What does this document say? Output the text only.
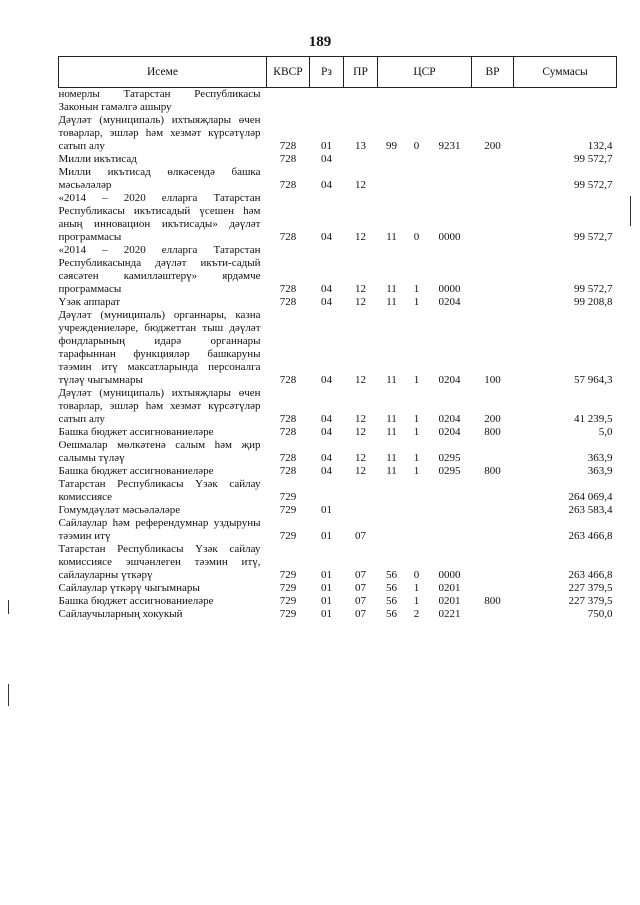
189
Исеме	КВСР	Рз	ПР	ЦСР			ВР	Суммасы
номерлы Татарстан Республикасы Законын гамәлгә ашыру								
Дәүләт (муниципаль) ихтыяҗлары өчен товарлар, эшләр һәм хезмәт күрсәтүләр сатып алу	728	01	13	99	0	9231	200	132,4
Милли икътисад	728	04						99 572,7
Милли икътисад өлкәсендә башка мәсьәләләр	728	04	12					99 572,7
«2014 – 2020 елларга Татарстан Республикасы икътисадый үсешен һәм аның инновацион икътисады» дәүләт программасы	728	04	12	11	0	0000		99 572,7
«2014 – 2020 елларга Татарстан Республикасында дәүләт икъти-садый сәясәтен камилләштерү» ярдәмче программасы	728	04	12	11	1	0000		99 572,7
Үзәк аппарат	728	04	12	11	1	0204		99 208,8
Дәүләт (муниципаль) органнары, казна учреждениеләре, бюджеттан тыш дәүләт фондларының идарә органнары тарафыннан функцияләр башкаруны тәэмин итү максатларында персоналга түләү чыгымнары	728	04	12	11	1	0204	100	57 964,3
Дәүләт (муниципаль) ихтыяҗлары өчен товарлар, эшләр һәм хезмәт күрсәтүләр сатып алу	728	04	12	11	1	0204	200	41 239,5
Башка бюджет ассигнованиеләре	728	04	12	11	1	0204	800	5,0
Оешмалар мөлкәтенә салым һәм җир салымы түләү	728	04	12	11	1	0295		363,9
Башка бюджет ассигнованиеләре	728	04	12	11	1	0295	800	363,9
Татарстан Республикасы Үзәк сайлау комиссиясе	729							264 069,4
Гомумдәүләт мәсьәләләре	729	01						263 583,4
Сайлаулар һәм референдумнар уздыруны тәэмин итү	729	01	07					263 466,8
Татарстан Республикасы Үзәк сайлау комиссиясе эшчәнлеген тәэмин итү, сайлауларны үткәрү	729	01	07	56	0	0000		263 466,8
Сайлаулар үткәрү чыгымнары	729	01	07	56	1	0201		227 379,5
Башка бюджет ассигнованиеләре	729	01	07	56	1	0201	800	227 379,5
Сайлаучыларның хокукый	729	01	07	56	2	0221		750,0
